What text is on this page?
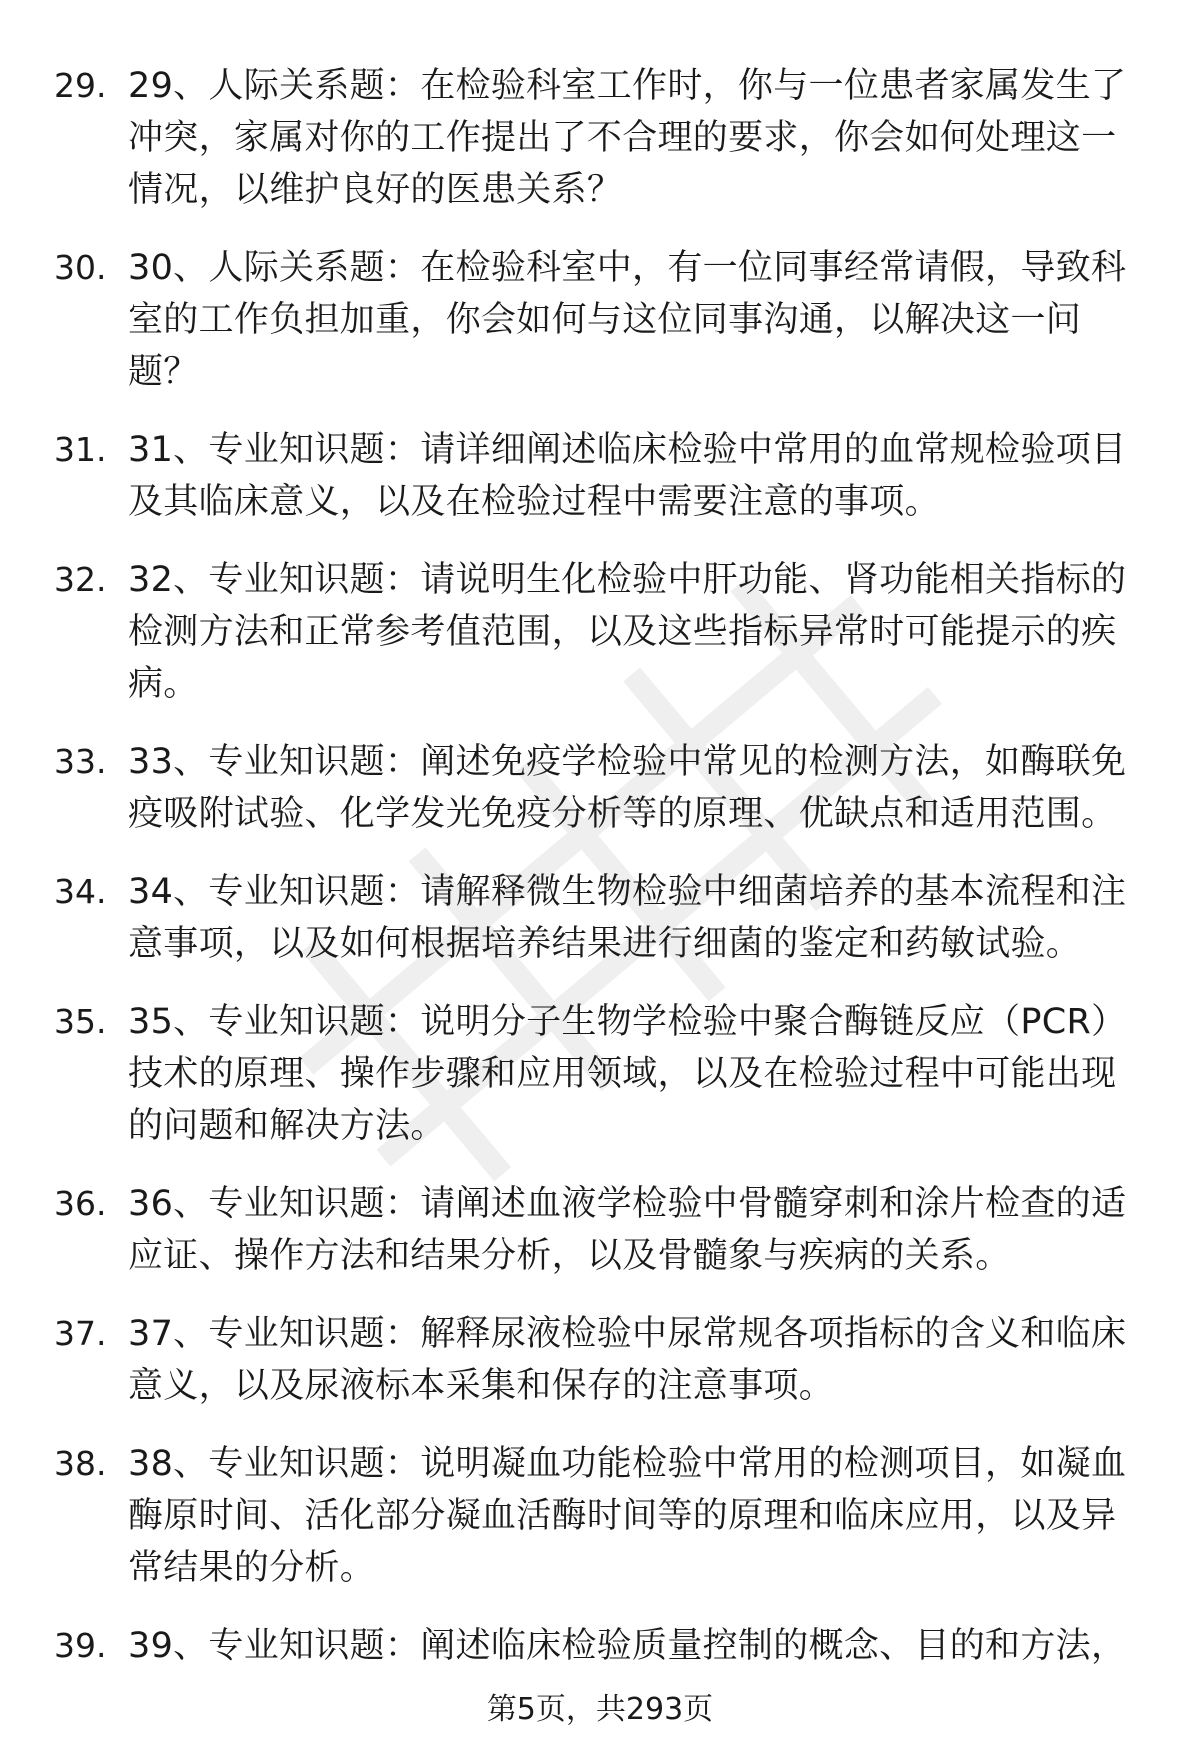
29. 29、人际关系题：在检验科室工作时，你与一位患者家属发生了冲突，家属对你的工作提出了不合理的要求，你会如何处理这一情况，以维护良好的医患关系？
30. 30、人际关系题：在检验科室中，有一位同事经常请假，导致科室的工作负担加重，你会如何与这位同事沟通，以解决这一问题？
31. 31、专业知识题：请详细阐述临床检验中常用的血常规检验项目及其临床意义，以及在检验过程中需要注意的事项。
32. 32、专业知识题：请说明生化检验中肝功能、肾功能相关指标的检测方法和正常参考值范围，以及这些指标异常时可能提示的疾病。
33. 33、专业知识题：阐述免疫学检验中常见的检测方法，如酶联免疫吸附试验、化学发光免疫分析等的原理、优缺点和适用范围。
34. 34、专业知识题：请解释微生物检验中细菌培养的基本流程和注意事项，以及如何根据培养结果进行细菌的鉴定和药敏试验。
35. 35、专业知识题：说明分子生物学检验中聚合酶链反应（PCR）技术的原理、操作步骤和应用领域，以及在检验过程中可能出现的问题和解决方法。
36. 36、专业知识题：请阐述血液学检验中骨髓穿刺和涂片检查的适应证、操作方法和结果分析，以及骨髓象与疾病的关系。
37. 37、专业知识题：解释尿液检验中尿常规各项指标的含义和临床意义，以及尿液标本采集和保存的注意事项。
38. 38、专业知识题：说明凝血功能检验中常用的检测项目，如凝血酶原时间、活化部分凝血活酶时间等的原理和临床应用，以及异常结果的分析。
39. 39、专业知识题：阐述临床检验质量控制的概念、目的和方法，
第5页，共293页
